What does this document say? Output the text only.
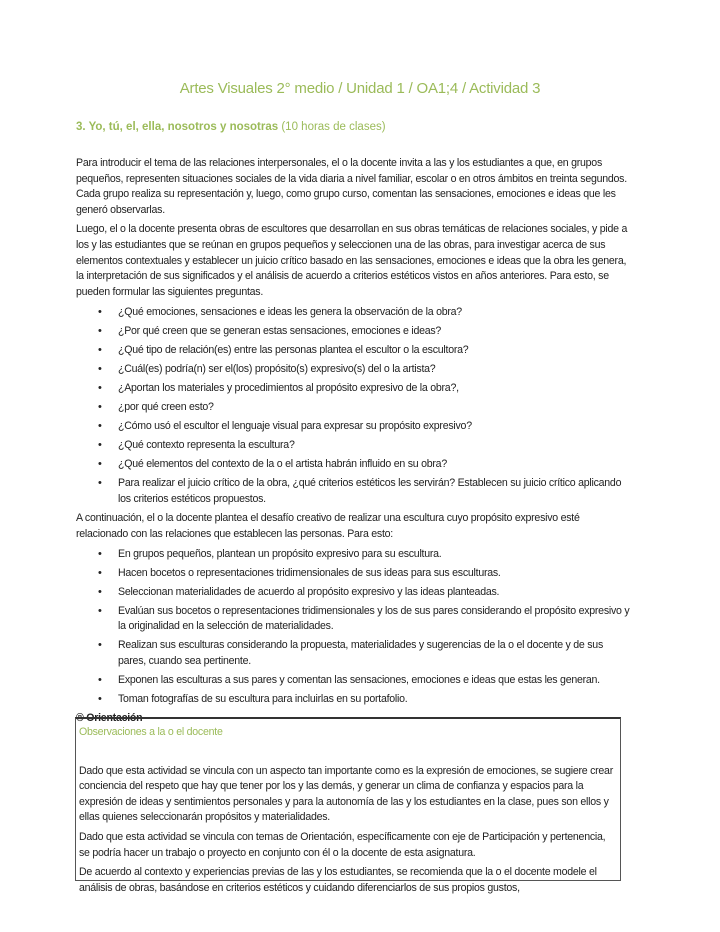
Artes Visuales 2° medio / Unidad 1 / OA1;4 / Actividad 3
3. Yo, tú, el, ella, nosotros y nosotras (10 horas de clases)

Para introducir el tema de las relaciones interpersonales, el o la docente invita a las y los estudiantes a que, en grupos pequeños, representen situaciones sociales de la vida diaria a nivel familiar, escolar o en otros ámbitos en treinta segundos. Cada grupo realiza su representación y, luego, como grupo curso, comentan las sensaciones, emociones e ideas que les generó observarlas.

Luego, el o la docente presenta obras de escultores que desarrollan en sus obras temáticas de relaciones sociales, y pide a los y las estudiantes que se reúnan en grupos pequeños y seleccionen una de las obras, para investigar acerca de sus elementos contextuales y establecer un juicio crítico basado en las sensaciones, emociones e ideas que la obra les genera, la interpretación de sus significados y el análisis de acuerdo a criterios estéticos vistos en años anteriores. Para esto, se pueden formular las siguientes preguntas.

• ¿Qué emociones, sensaciones e ideas les genera la observación de la obra?
• ¿Por qué creen que se generan estas sensaciones, emociones e ideas?
• ¿Qué tipo de relación(es) entre las personas plantea el escultor o la escultora?
• ¿Cuál(es) podría(n) ser el(los) propósito(s) expresivo(s) del o la artista?
• ¿Aportan los materiales y procedimientos al propósito expresivo de la obra?,
• ¿por qué creen esto?
• ¿Cómo usó el escultor el lenguaje visual para expresar su propósito expresivo?
• ¿Qué contexto representa la escultura?
• ¿Qué elementos del contexto de la o el artista habrán influido en su obra?
• Para realizar el juicio crítico de la obra, ¿qué criterios estéticos les servirán? Establecen su juicio crítico aplicando los criterios estéticos propuestos.

A continuación, el o la docente plantea el desafío creativo de realizar una escultura cuyo propósito expresivo esté relacionado con las relaciones que establecen las personas. Para esto:

• En grupos pequeños, plantean un propósito expresivo para su escultura.
• Hacen bocetos o representaciones tridimensionales de sus ideas para sus esculturas.
• Seleccionan materialidades de acuerdo al propósito expresivo y las ideas planteadas.
• Evalúan sus bocetos o representaciones tridimensionales y los de sus pares considerando el propósito expresivo y la originalidad en la selección de materialidades.
• Realizan sus esculturas considerando la propuesta, materialidades y sugerencias de la o el docente y de sus pares, cuando sea pertinente.
• Exponen las esculturas a sus pares y comentan las sensaciones, emociones e ideas que estas les generan.
• Toman fotografías de su escultura para incluirlas en su portafolio.
® Orientación
Observaciones a la o el docente

Dado que esta actividad se vincula con un aspecto tan importante como es la expresión de emociones, se sugiere crear conciencia del respeto que hay que tener por los y las demás, y generar un clima de confianza y espacios para la expresión de ideas y sentimientos personales y para la autonomía de las y los estudiantes en la clase, pues son ellos y ellas quienes seleccionarán propósitos y materialidades.

Dado que esta actividad se vincula con temas de Orientación, específicamente con eje de Participación y pertenencia, se podría hacer un trabajo o proyecto en conjunto con él o la docente de esta asignatura.

De acuerdo al contexto y experiencias previas de las y los estudiantes, se recomienda que la o el docente modele el análisis de obras, basándose en criterios estéticos y cuidando diferenciarlos de sus propios gustos,
